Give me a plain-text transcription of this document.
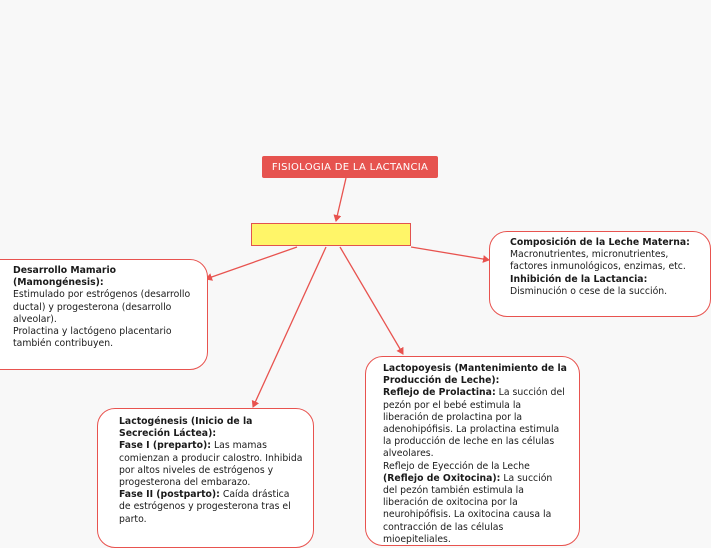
FISIOLOGIA DE LA LACTANCIA
Desarrollo Mamario (Mamongénesis):
Estimulado por estrógenos (desarrollo ductal) y progesterona (desarrollo alveolar).
Prolactina y lactógeno placentario también contribuyen.
Composición de la Leche Materna:
Macronutrientes, micronutrientes, factores inmunológicos, enzimas, etc.
Inhibición de la Lactancia:
Disminución o cese de la succión.
Lactogénesis (Inicio de la Secreción Láctea):
Fase I (preparto): Las mamas comienzan a producir calostro. Inhibida por altos niveles de estrógenos y progesterona del embarazo.
Fase II (postparto): Caída drástica de estrógenos y progesterona tras el parto.
Lactopoyesis (Mantenimiento de la Producción de Leche):
Reflejo de Prolactina: La succión del pezón por el bebé estimula la liberación de prolactina por la adenohipófisis. La prolactina estimula la producción de leche en las células alveolares.
Reflejo de Eyección de la Leche
(Reflejo de Oxitocina): La succión del pezón también estimula la liberación de oxitocina por la neurohipófisis. La oxitocina causa la contracción de las células mioepiteliales.
